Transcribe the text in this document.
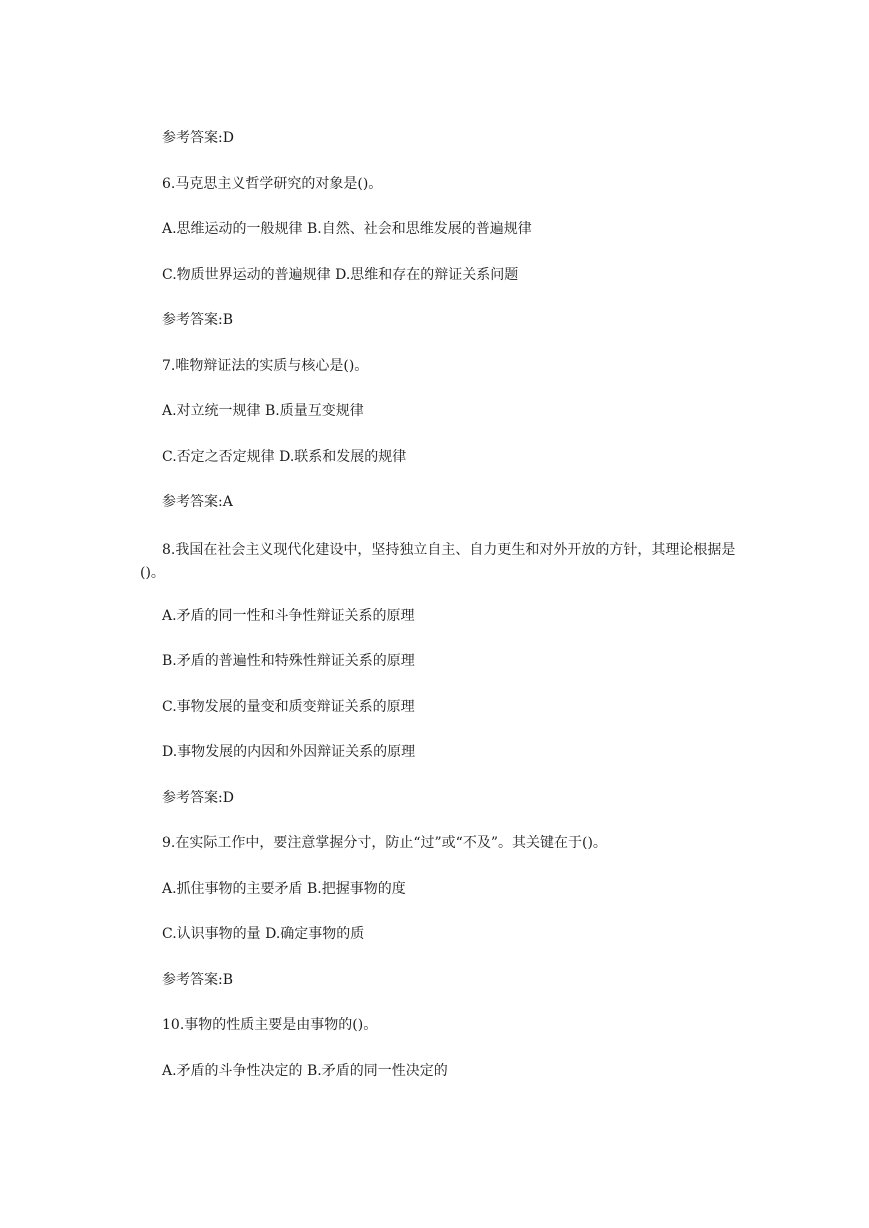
参考答案:D

6.马克思主义哲学研究的对象是()。

A.思维运动的一般规律 B.自然、社会和思维发展的普遍规律

C.物质世界运动的普遍规律 D.思维和存在的辩证关系问题

参考答案:B

7.唯物辩证法的实质与核心是()。

A.对立统一规律 B.质量互变规律

C.否定之否定规律 D.联系和发展的规律

参考答案:A

8.我国在社会主义现代化建设中，坚持独立自主、自力更生和对外开放的方针，其理论根据是()。

A.矛盾的同一性和斗争性辩证关系的原理

B.矛盾的普遍性和特殊性辩证关系的原理

C.事物发展的量变和质变辩证关系的原理

D.事物发展的内因和外因辩证关系的原理

参考答案:D

9.在实际工作中，要注意掌握分寸，防止“过”或“不及”。其关键在于()。

A.抓住事物的主要矛盾 B.把握事物的度

C.认识事物的量 D.确定事物的质

参考答案:B

10.事物的性质主要是由事物的()。

A.矛盾的斗争性决定的 B.矛盾的同一性决定的
